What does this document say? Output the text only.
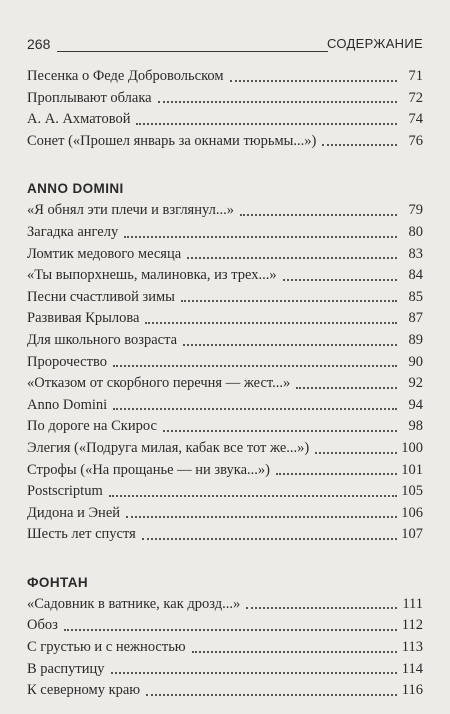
268	СОДЕРЖАНИЕ
Песенка о Феде Добровольском	71
Проплывают облака	72
А. А. Ахматовой	74
Сонет («Прошел январь за окнами тюрьмы...»)	76
ANNO DOMINI
«Я обнял эти плечи и взглянул...»	79
Загадка ангелу	80
Ломтик медового месяца	83
«Ты выпорхнешь, малиновка, из трех...»	84
Песни счастливой зимы	85
Развивая Крылова	87
Для школьного возраста	89
Пророчество	90
«Отказом от скорбного перечня — жест...»	92
Anno Domini	94
По дороге на Скирос	98
Элегия («Подруга милая, кабак все тот же...»)	100
Строфы («На прощанье — ни звука...»)	101
Postscriptum	105
Дидона и Эней	106
Шесть лет спустя	107
ФОНТАН
«Садовник в ватнике, как дрозд...»	111
Обоз	112
С грустью и с нежностью	113
В распутицу	114
К северному краю	116
